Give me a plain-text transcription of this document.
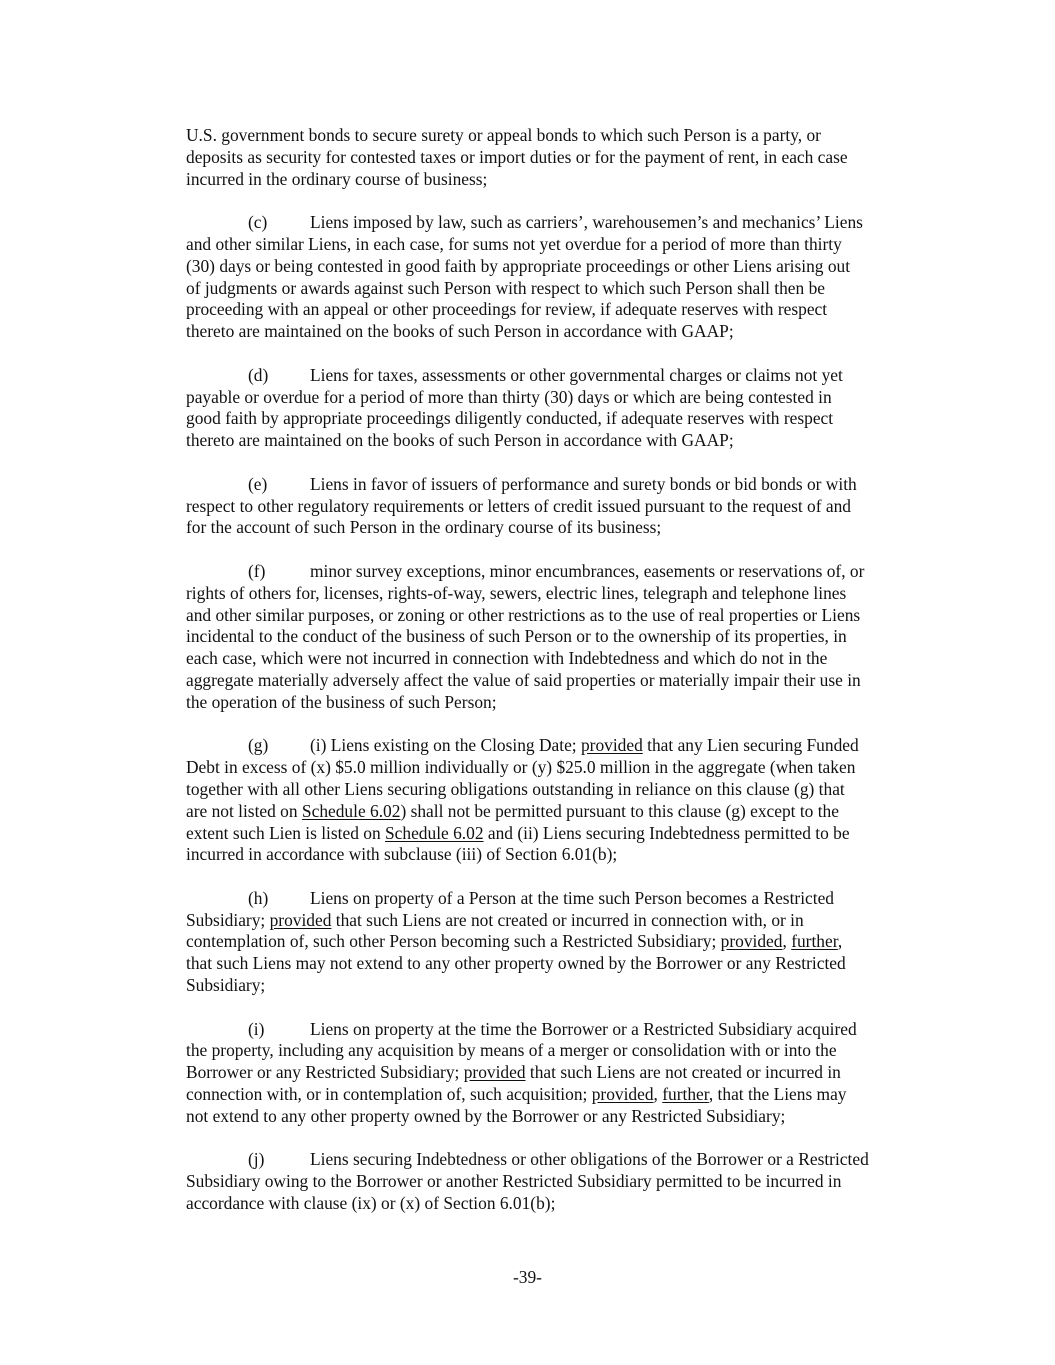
U.S. government bonds to secure surety or appeal bonds to which such Person is a party, or
deposits as security for contested taxes or import duties or for the payment of rent, in each case
incurred in the ordinary course of business;

(c) Liens imposed by law, such as carriers’, warehousemen’s and mechanics’ Liens
and other similar Liens, in each case, for sums not yet overdue for a period of more than thirty
(30) days or being contested in good faith by appropriate proceedings or other Liens arising out
of judgments or awards against such Person with respect to which such Person shall then be
proceeding with an appeal or other proceedings for review, if adequate reserves with respect
thereto are maintained on the books of such Person in accordance with GAAP;

(d) Liens for taxes, assessments or other governmental charges or claims not yet
payable or overdue for a period of more than thirty (30) days or which are being contested in
good faith by appropriate proceedings diligently conducted, if adequate reserves with respect
thereto are maintained on the books of such Person in accordance with GAAP;

(e) Liens in favor of issuers of performance and surety bonds or bid bonds or with
respect to other regulatory requirements or letters of credit issued pursuant to the request of and
for the account of such Person in the ordinary course of its business;

(f)	minor survey exceptions, minor encumbrances, easements or reservations of, or
rights of others for, licenses, rights-of-way, sewers, electric lines, telegraph and telephone lines
and other similar purposes, or zoning or other restrictions as to the use of real properties or Liens
incidental to the conduct of the business of such Person or to the ownership of its properties, in
each case, which were not incurred in connection with Indebtedness and which do not in the
aggregate materially adversely affect the value of said properties or materially impair their use in
the operation of the business of such Person;

(g) (i) Liens existing on the Closing Date; provided that any Lien securing Funded
Debt in excess of (x) $5.0 million individually or (y) $25.0 million in the aggregate (when taken
together with all other Liens securing obligations outstanding in reliance on this clause (g) that
are not listed on Schedule 6.02) shall not be permitted pursuant to this clause (g) except to the
extent such Lien is listed on Schedule 6.02 and (ii) Liens securing Indebtedness permitted to be
incurred in accordance with subclause (iii) of Section 6.01(b);

(h) Liens on property of a Person at the time such Person becomes a Restricted
Subsidiary; provided that such Liens are not created or incurred in connection with, or in
contemplation of, such other Person becoming such a Restricted Subsidiary; provided, further,
that such Liens may not extend to any other property owned by the Borrower or any Restricted
Subsidiary;

(i)	Liens on property at the time the Borrower or a Restricted Subsidiary acquired
the property, including any acquisition by means of a merger or consolidation with or into the
Borrower or any Restricted Subsidiary; provided that such Liens are not created or incurred in
connection with, or in contemplation of, such acquisition; provided, further, that the Liens may
not extend to any other property owned by the Borrower or any Restricted Subsidiary;

(j)	Liens securing Indebtedness or other obligations of the Borrower or a Restricted
Subsidiary owing to the Borrower or another Restricted Subsidiary permitted to be incurred in
accordance with clause (ix) or (x) of Section 6.01(b);

-39-
